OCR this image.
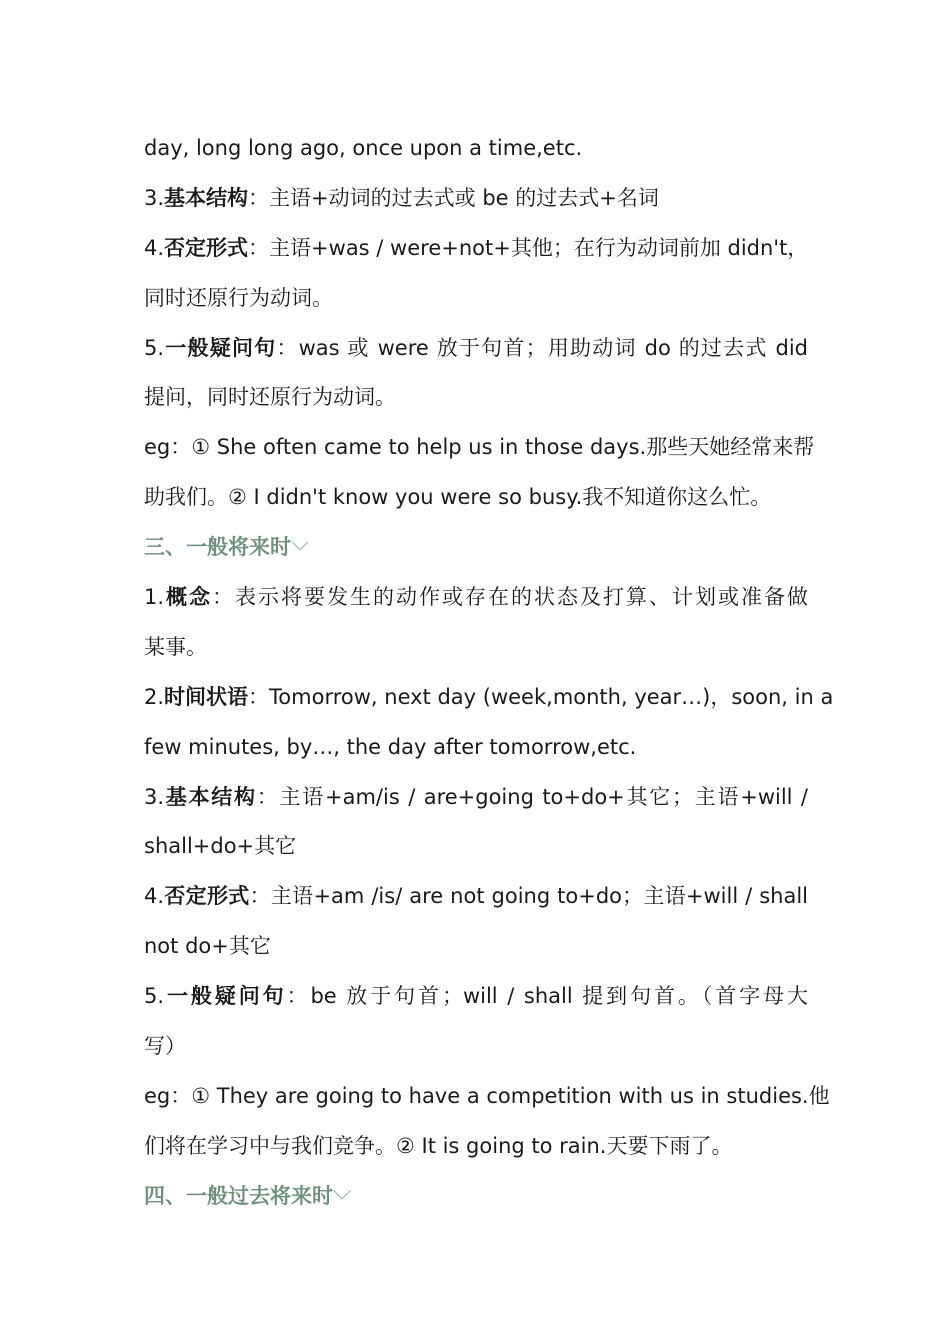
day, long long ago, once upon a time,etc.
3.基本结构：主语+动词的过去式或 be 的过去式+名词
4.否定形式：主语+was / were+not+其他；在行为动词前加 didn't，
同时还原行为动词。
5.一般疑问句：was 或 were 放于句首；用助动词 do 的过去式 did
提问，同时还原行为动词。
eg：① She often came to help us in those days.那些天她经常来帮
助我们。② I didn't know you were so busy.我不知道你这么忙。
三、一般将来时
1.概念：表示将要发生的动作或存在的状态及打算、计划或准备做
某事。
2.时间状语：Tomorrow, next day (week,month, year…)，soon, in a
few minutes, by…, the day after tomorrow,etc.
3.基本结构：主语+am/is / are+going to+do+其它；主语+will /
shall+do+其它
4.否定形式：主语+am /is/ are not going to+do；主语+will / shall
not do+其它
5.一般疑问句：be 放于句首；will / shall 提到句首。（首字母大
写）
eg：① They are going to have a competition with us in studies.他
们将在学习中与我们竞争。② It is going to rain.天要下雨了。
四、一般过去将来时
